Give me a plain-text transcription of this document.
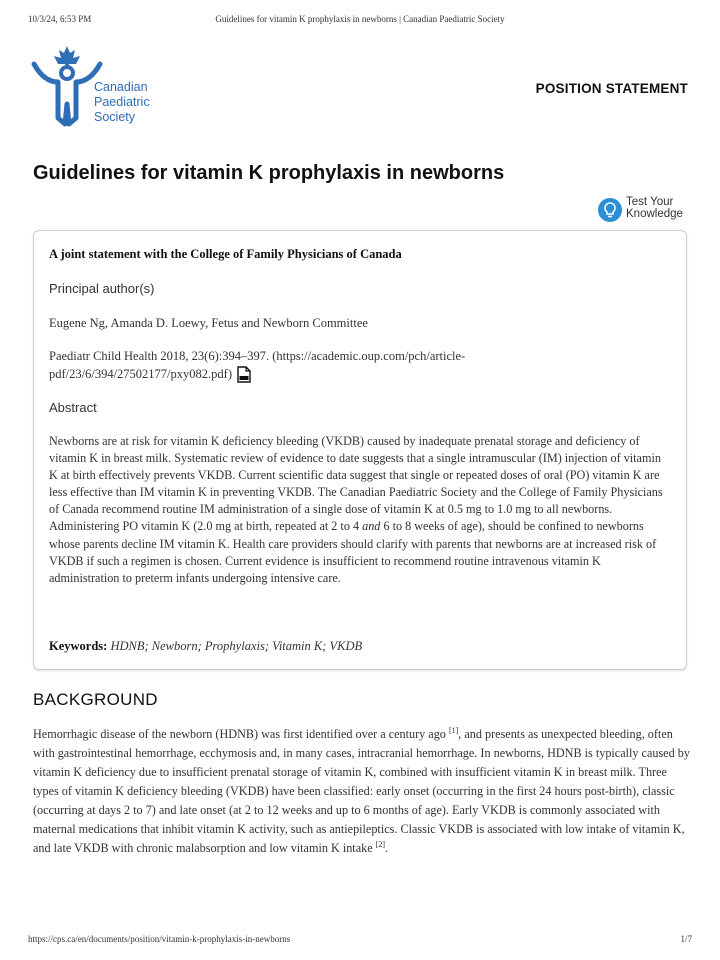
10/3/24, 6:53 PM	Guidelines for vitamin K prophylaxis in newborns | Canadian Paediatric Society
Canadian
Paediatric
Society
POSITION STATEMENT
Guidelines for vitamin K prophylaxis in newborns
Test Your
Knowledge
A joint statement with the College of Family Physicians of Canada
Principal author(s)
Eugene Ng, Amanda D. Loewy, Fetus and Newborn Committee
Paediatr Child Health 2018, 23(6):394–397. (https://academic.oup.com/pch/article-
pdf/23/6/394/27502177/pxy082.pdf)
Abstract
Newborns are at risk for vitamin K deficiency bleeding (VKDB) caused by inadequate prenatal storage and deficiency of vitamin K in breast milk. Systematic review of evidence to date suggests that a single intramuscular (IM) injection of vitamin K at birth effectively prevents VKDB. Current scientific data suggest that single or repeated doses of oral (PO) vitamin K are less effective than IM vitamin K in preventing VKDB. The Canadian Paediatric Society and the College of Family Physicians of Canada recommend routine IM administration of a single dose of vitamin K at 0.5 mg to 1.0 mg to all newborns. Administering PO vitamin K (2.0 mg at birth, repeated at 2 to 4 and 6 to 8 weeks of age), should be confined to newborns whose parents decline IM vitamin K. Health care providers should clarify with parents that newborns are at increased risk of VKDB if such a regimen is chosen. Current evidence is insufficient to recommend routine intravenous vitamin K administration to preterm infants undergoing intensive care.
Keywords: HDNB; Newborn; Prophylaxis; Vitamin K; VKDB
BACKGROUND
Hemorrhagic disease of the newborn (HDNB) was first identified over a century ago [1], and presents as unexpected bleeding, often with gastrointestinal hemorrhage, ecchymosis and, in many cases, intracranial hemorrhage. In newborns, HDNB is typically caused by vitamin K deficiency due to insufficient prenatal storage of vitamin K, combined with insufficient vitamin K in breast milk. Three types of vitamin K deficiency bleeding (VKDB) have been classified: early onset (occurring in the first 24 hours post-birth), classic (occurring at days 2 to 7) and late onset (at 2 to 12 weeks and up to 6 months of age). Early VKDB is commonly associated with maternal medications that inhibit vitamin K activity, such as antiepileptics. Classic VKDB is associated with low intake of vitamin K, and late VKDB with chronic malabsorption and low vitamin K intake [2].
https://cps.ca/en/documents/position/vitamin-k-prophylaxis-in-newborns	1/7
